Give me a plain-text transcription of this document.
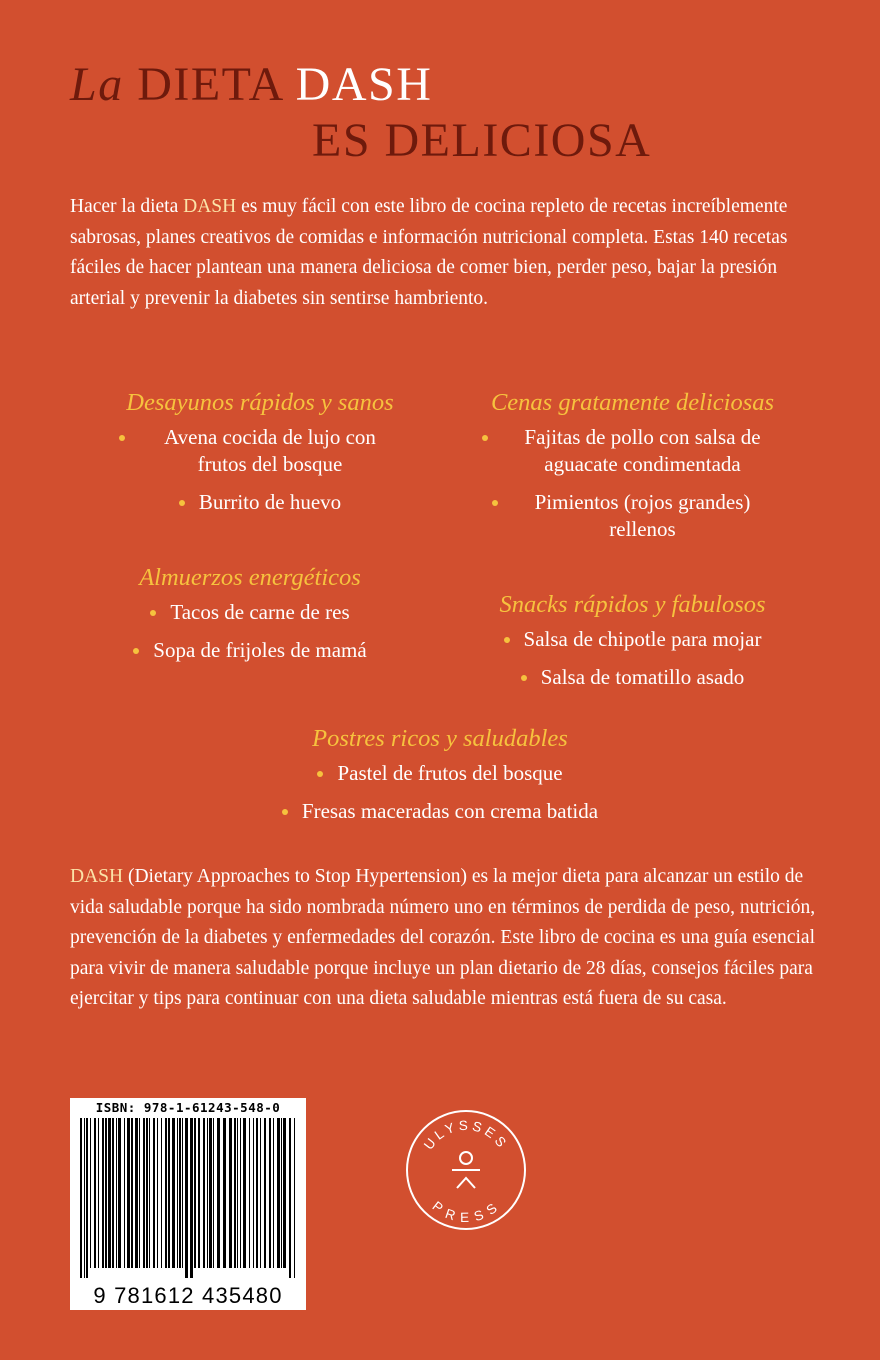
La DIETA DASH
ES DELICIOSA
Hacer la dieta DASH es muy fácil con este libro de cocina repleto de recetas increíblemente sabrosas, planes creativos de comidas e información nutricional completa. Estas 140 recetas fáciles de hacer plantean una manera deliciosa de comer bien, perder peso, bajar la presión arterial y prevenir la diabetes sin sentirse hambriento.
Desayunos rápidos y sanos
Avena cocida de lujo con frutos del bosque
Burrito de huevo
Cenas gratamente deliciosas
Fajitas de pollo con salsa de aguacate condimentada
Pimientos (rojos grandes) rellenos
Almuerzos energéticos
Tacos de carne de res
Sopa de frijoles de mamá
Snacks rápidos y fabulosos
Salsa de chipotle para mojar
Salsa de tomatillo asado
Postres ricos y saludables
Pastel de frutos del bosque
Fresas maceradas con crema batida
DASH (Dietary Approaches to Stop Hypertension) es la mejor dieta para alcanzar un estilo de vida saludable porque ha sido nombrada número uno en términos de perdida de peso, nutrición, prevención de la diabetes y enfermedades del corazón. Este libro de cocina es una guía esencial para vivir de manera saludable porque incluye un plan dietario de 28 días, consejos fáciles para ejercitar y tips para continuar con una dieta saludable mientras está fuera de su casa.
ISBN: 978-1-61243-548-0
9 781612 435480
ULYSSES
PRESS
